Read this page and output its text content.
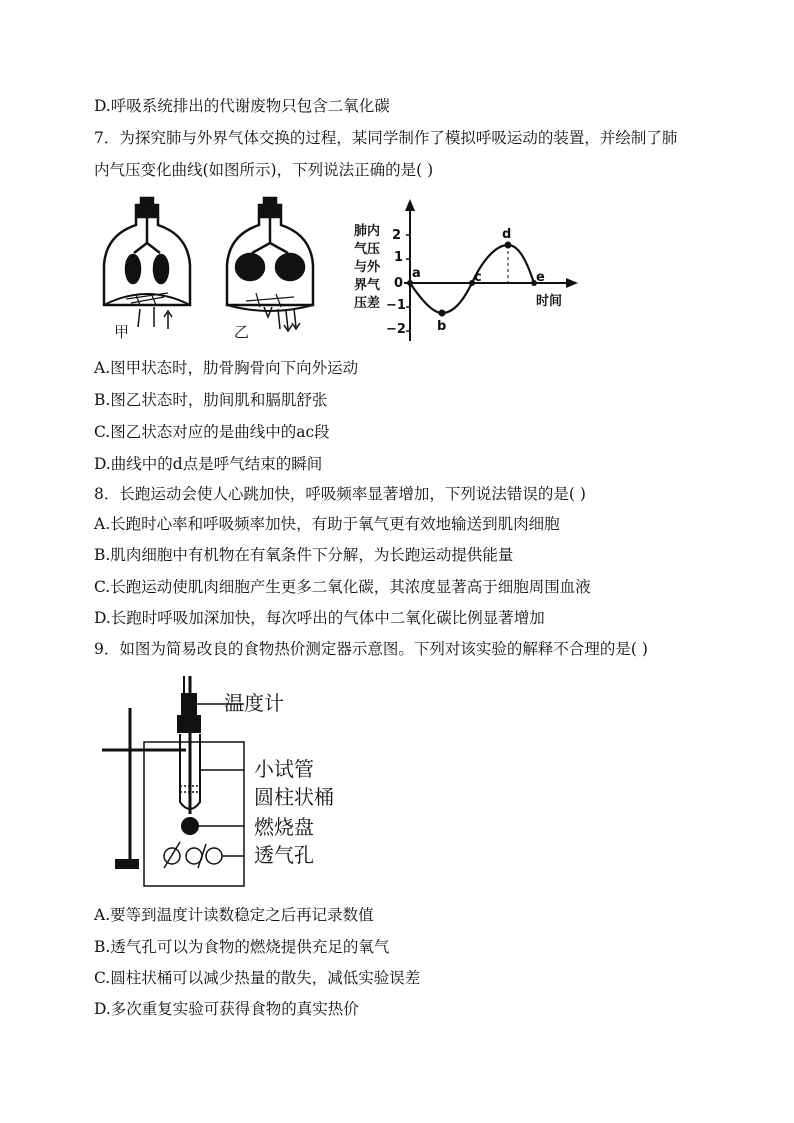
D.呼吸系统排出的代谢废物只包含二氧化碳
7．为探究肺与外界气体交换的过程，某同学制作了模拟呼吸运动的装置，并绘制了肺
内气压变化曲线(如图所示)，下列说法正确的是( )
甲	乙
肺内
气压
与外
界气
压差
2
1
0
−1
−2
a
b
c
d
e
时间
A.图甲状态时，肋骨胸骨向下向外运动
B.图乙状态时，肋间肌和膈肌舒张
C.图乙状态对应的是曲线中的ac段
D.曲线中的d点是呼气结束的瞬间
8．长跑运动会使人心跳加快，呼吸频率显著增加，下列说法错误的是( )
A.长跑时心率和呼吸频率加快，有助于氧气更有效地输送到肌肉细胞
B.肌肉细胞中有机物在有氧条件下分解，为长跑运动提供能量
C.长跑运动使肌肉细胞产生更多二氧化碳，其浓度显著高于细胞周围血液
D.长跑时呼吸加深加快，每次呼出的气体中二氧化碳比例显著增加
9．如图为简易改良的食物热价测定器示意图。下列对该实验的解释不合理的是( )
温度计
小试管
圆柱状桶
燃烧盘
透气孔
A.要等到温度计读数稳定之后再记录数值
B.透气孔可以为食物的燃烧提供充足的氧气
C.圆柱状桶可以减少热量的散失，减低实验误差
D.多次重复实验可获得食物的真实热价
